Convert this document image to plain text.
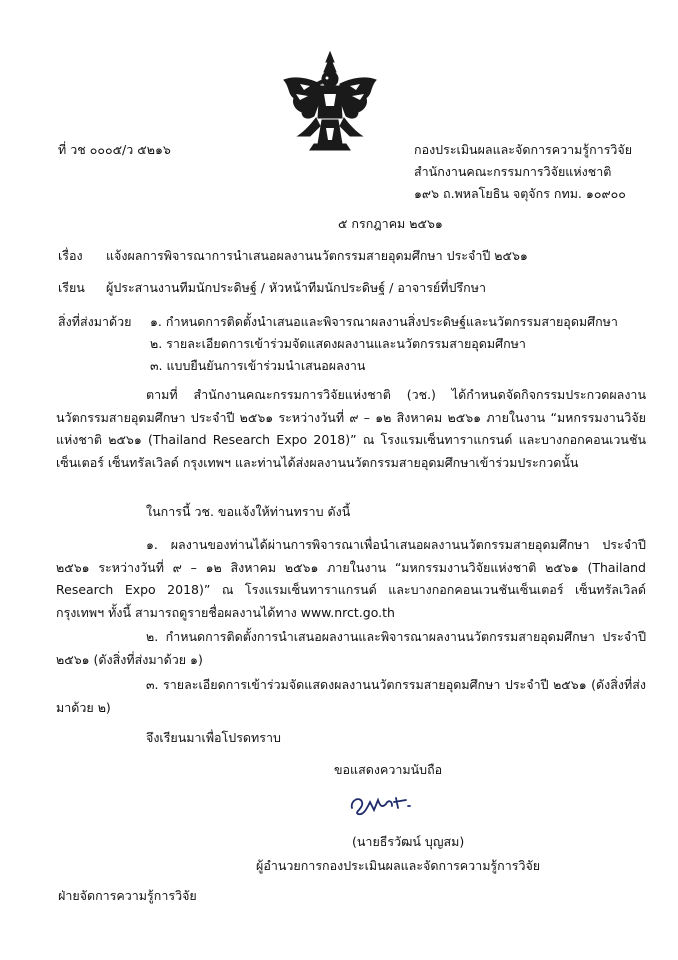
ที่ วช ๐๐๐๕/ว ๕๒๑๖	กองประเมินผลและจัดการความรู้การวิจัย
สำนักงานคณะกรรมการวิจัยแห่งชาติ
๑๙๖ ถ.พหลโยธิน จตุจักร กทม. ๑๐๙๐๐
๕ กรกฎาคม ๒๕๖๑
เรื่อง แจ้งผลการพิจารณาการนำเสนอผลงานนวัตกรรมสายอุดมศึกษา ประจำปี ๒๕๖๑
เรียน ผู้ประสานงานทีมนักประดิษฐ์ / หัวหน้าทีมนักประดิษฐ์ / อาจารย์ที่ปรึกษา
สิ่งที่ส่งมาด้วย ๑. กำหนดการติดตั้งนำเสนอและพิจารณาผลงานสิ่งประดิษฐ์และนวัตกรรมสายอุดมศึกษา
๒. รายละเอียดการเข้าร่วมจัดแสดงผลงานและนวัตกรรมสายอุดมศึกษา
๓. แบบยืนยันการเข้าร่วมนำเสนอผลงาน
ตามที่ สำนักงานคณะกรรมการวิจัยแห่งชาติ (วช.) ได้กำหนดจัดกิจกรรมประกวดผลงานนวัตกรรมสายอุดมศึกษา ประจำปี ๒๕๖๑ ระหว่างวันที่ ๙ – ๑๒ สิงหาคม ๒๕๖๑ ภายในงาน “มหกรรมงานวิจัยแห่งชาติ ๒๕๖๑ (Thailand Research Expo 2018)” ณ โรงแรมเซ็นทาราแกรนด์ และบางกอกคอนเวนชันเซ็นเตอร์ เซ็นทรัลเวิลด์ กรุงเทพฯ และท่านได้ส่งผลงานนวัตกรรมสายอุดมศึกษาเข้าร่วมประกวดนั้น
ในการนี้ วช. ขอแจ้งให้ท่านทราบ ดังนี้
๑. ผลงานของท่านได้ผ่านการพิจารณาเพื่อนำเสนอผลงานนวัตกรรมสายอุดมศึกษา ประจำปี ๒๕๖๑ ระหว่างวันที่ ๙ – ๑๒ สิงหาคม ๒๕๖๑ ภายในงาน “มหกรรมงานวิจัยแห่งชาติ ๒๕๖๑ (Thailand Research Expo 2018)” ณ โรงแรมเซ็นทาราแกรนด์ และบางกอกคอนเวนชันเซ็นเตอร์ เซ็นทรัลเวิลด์ กรุงเทพฯ ทั้งนี้ สามารถดูรายชื่อผลงานได้ทาง www.nrct.go.th
๒. กำหนดการติดตั้งการนำเสนอผลงานและพิจารณาผลงานนวัตกรรมสายอุดมศึกษา ประจำปี ๒๕๖๑ (ดังสิ่งที่ส่งมาด้วย ๑)
๓. รายละเอียดการเข้าร่วมจัดแสดงผลงานนวัตกรรมสายอุดมศึกษา ประจำปี ๒๕๖๑ (ดังสิ่งที่ส่งมาด้วย ๒)
จึงเรียนมาเพื่อโปรดทราบ
ขอแสดงความนับถือ
(นายธีรวัฒน์ บุญสม)
ผู้อำนวยการกองประเมินผลและจัดการความรู้การวิจัย
ฝ่ายจัดการความรู้การวิจัย
